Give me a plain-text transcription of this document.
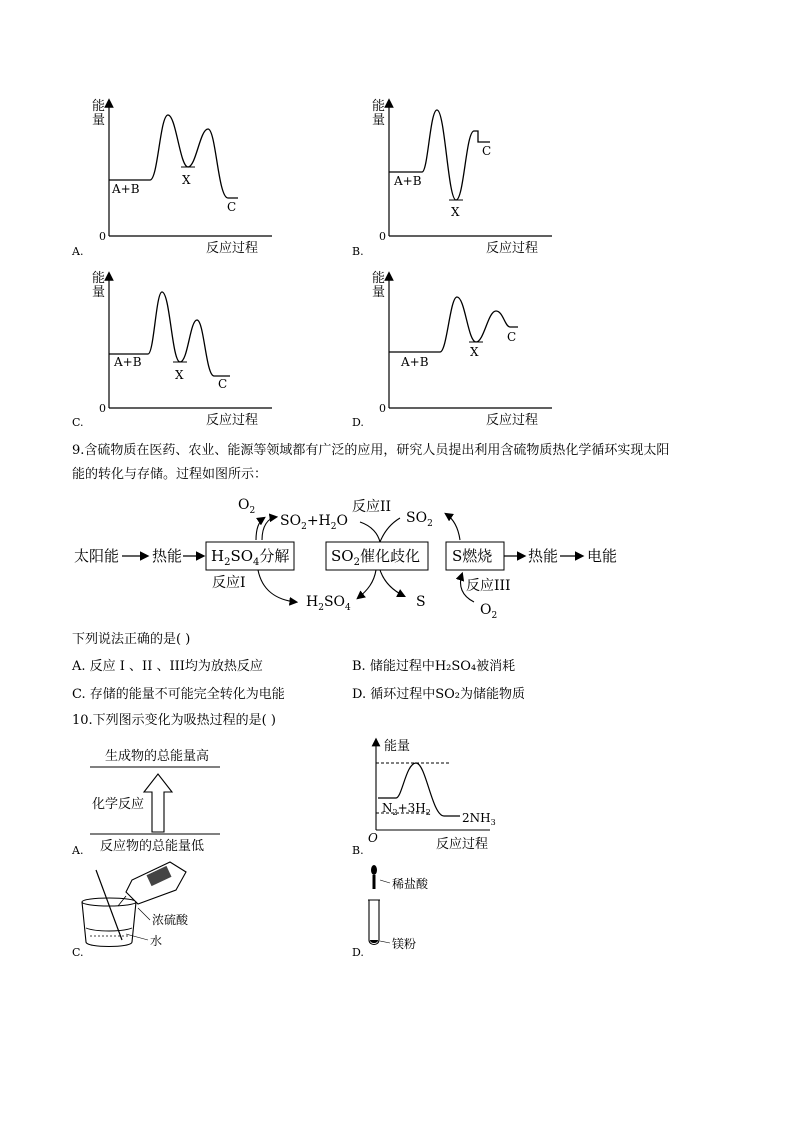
能
量
0
A+B
X
C
反应过程
A.
能
量
0
A+B
X
C
反应过程
B.
能
量
0
A+B
X
C
反应过程
C.
能
量
0
A+B
X
C
反应过程
D.
9.含硫物质在医药、农业、能源等领域都有广泛的应用，研究人员提出利用含硫物质热化学循环实现太阳
能的转化与存储。过程如图所示：
太阳能 热能 $H_2SO_4$分解	$SO_2$催化歧化 S燃烧 热能 电能
$O_2$
$SO_2+H_2O$
反应II
$SO_2$
反应I
$H_2SO_4$	S
反应III
$O_2$
下列说法正确的是( )
A. 反应 I 、II 、III均为放热反应	B. 储能过程中H₂SO₄被消耗
C. 存储的能量不可能完全转化为电能	D. 循环过程中SO₂为储能物质
10.下列图示变化为吸热过程的是( )
生成物的总能量高
化学反应
反应物的总能量低
A.
能量
$N_2+3H_2$	$2NH_3$
O	反应过程
B.
浓硫酸
水
C.
稀盐酸
镁粉
D.
